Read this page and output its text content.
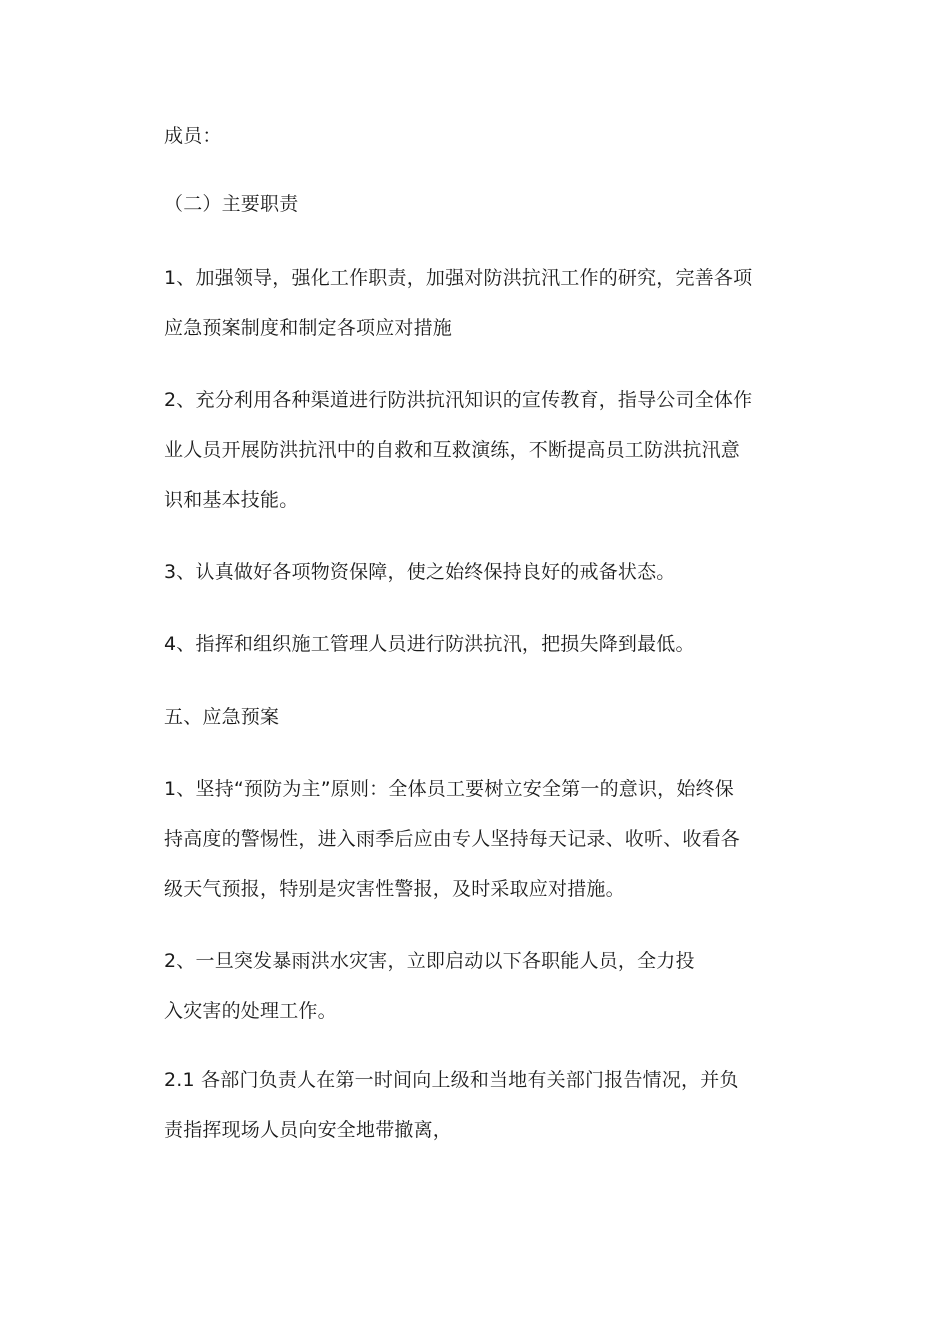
成员：
（二）主要职责
1、加强领导，强化工作职责，加强对防洪抗汛工作的研究，完善各项
应急预案制度和制定各项应对措施
2、充分利用各种渠道进行防洪抗汛知识的宣传教育，指导公司全体作
业人员开展防洪抗汛中的自救和互救演练，不断提高员工防洪抗汛意
识和基本技能。
3、认真做好各项物资保障，使之始终保持良好的戒备状态。
4、指挥和组织施工管理人员进行防洪抗汛，把损失降到最低。
五、应急预案
1、坚持“预防为主”原则：全体员工要树立安全第一的意识，始终保
持高度的警惕性，进入雨季后应由专人坚持每天记录、收听、收看各
级天气预报，特别是灾害性警报，及时采取应对措施。
2、一旦突发暴雨洪水灾害，立即启动以下各职能人员，全力投
入灾害的处理工作。
2.1 各部门负责人在第一时间向上级和当地有关部门报告情况，并负
责指挥现场人员向安全地带撤离，
